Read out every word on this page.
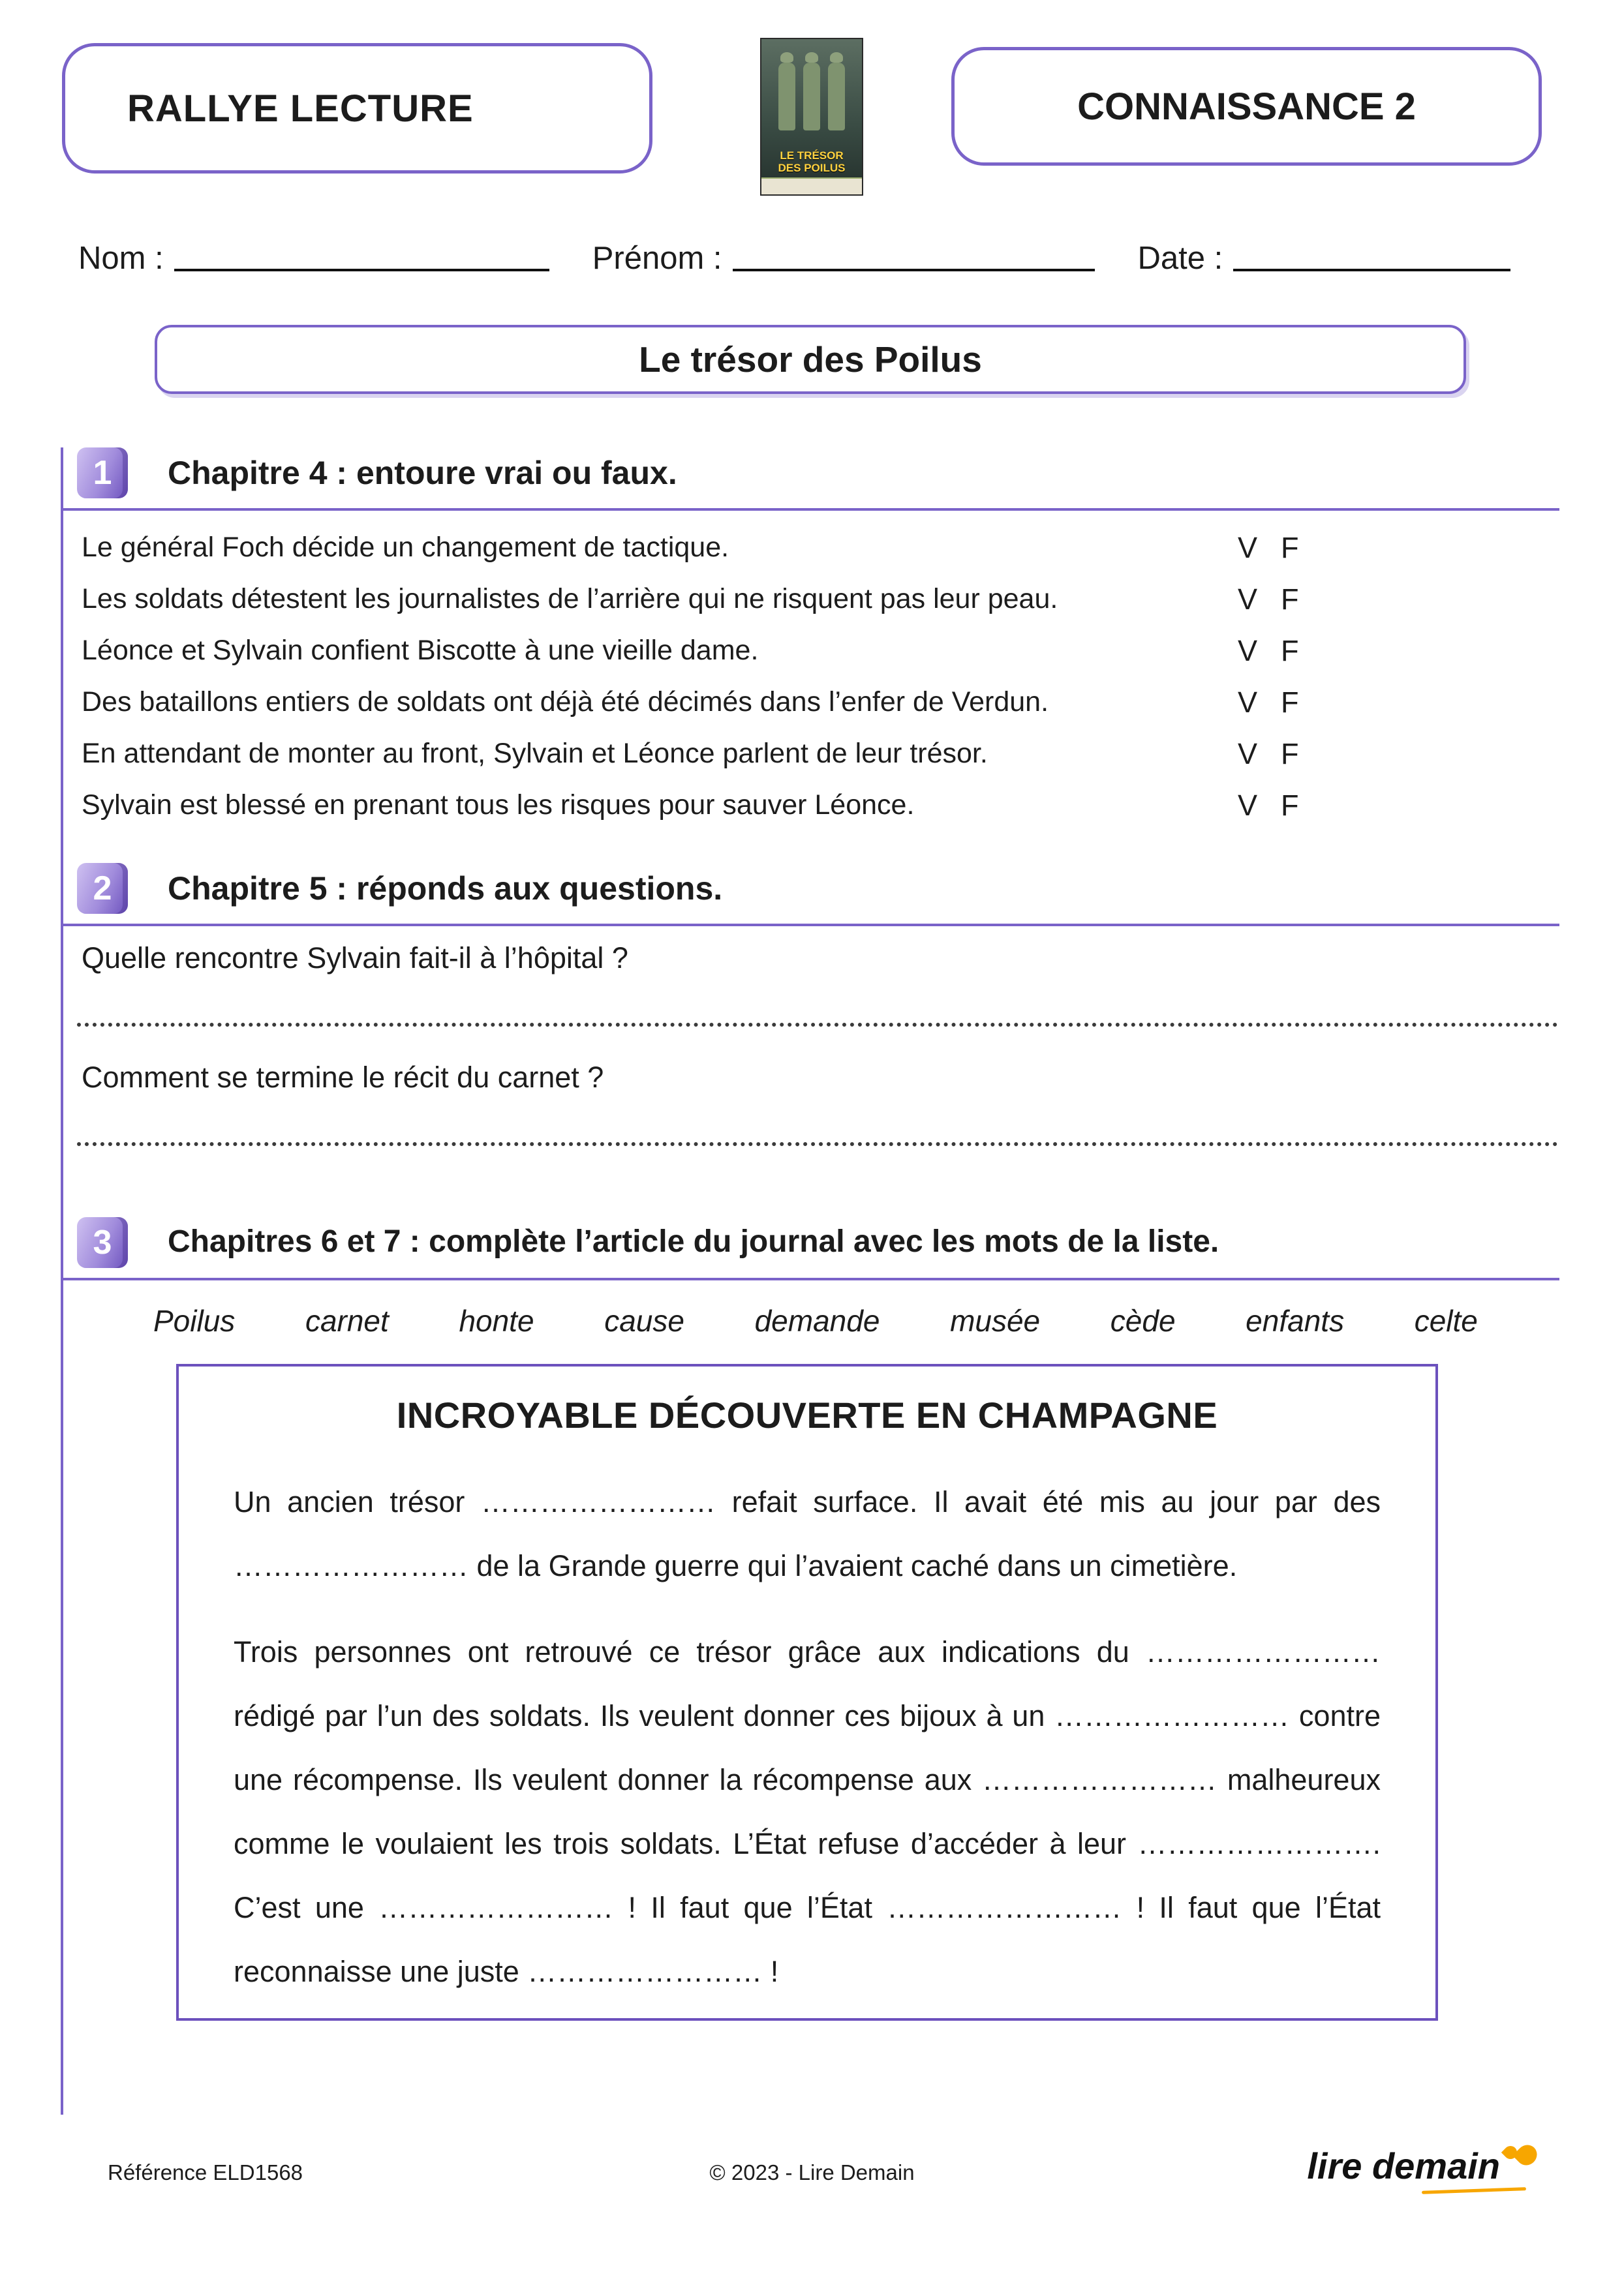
RALLYE LECTURE
LE TRÉSOR
DES POILUS
CONNAISSANCE 2
Nom :	Prénom :	Date :
Le trésor des Poilus
1	Chapitre 4 : entoure vrai ou faux.
Le général Foch décide un changement de tactique.	V F
Les soldats détestent les journalistes de l’arrière qui ne risquent pas leur peau.	V F
Léonce et Sylvain confient Biscotte à une vieille dame.	V F
Des bataillons entiers de soldats ont déjà été décimés dans l’enfer de Verdun.	V F
En attendant de monter au front, Sylvain et Léonce parlent de leur trésor.	V F
Sylvain est blessé en prenant tous les risques pour sauver Léonce.	V F
2	Chapitre 5 : réponds aux questions.
Quelle rencontre Sylvain fait-il à l’hôpital ?
Comment se termine le récit du carnet ?
3	Chapitres 6 et 7 : complète l’article du journal avec les mots de la liste.
Poilus carnet honte cause demande musée cède enfants celte
INCROYABLE DÉCOUVERTE EN CHAMPAGNE

Un ancien trésor …………………… refait surface. Il avait été mis au jour par des …………………… de la Grande guerre qui l’avaient caché dans un cimetière.

Trois personnes ont retrouvé ce trésor grâce aux indications du …………………… rédigé par l’un des soldats. Ils veulent donner ces bijoux à un …………………… contre une récompense. Ils veulent donner la récompense aux …………………… malheureux comme le voulaient les trois soldats. L’État refuse d’accéder à leur ……………………. C’est une …………………… ! Il faut que l’État …………………… ! Il faut que l’État reconnaisse une juste …………………… !

Référence ELD1568	© 2023 - Lire Demain	lire demain
